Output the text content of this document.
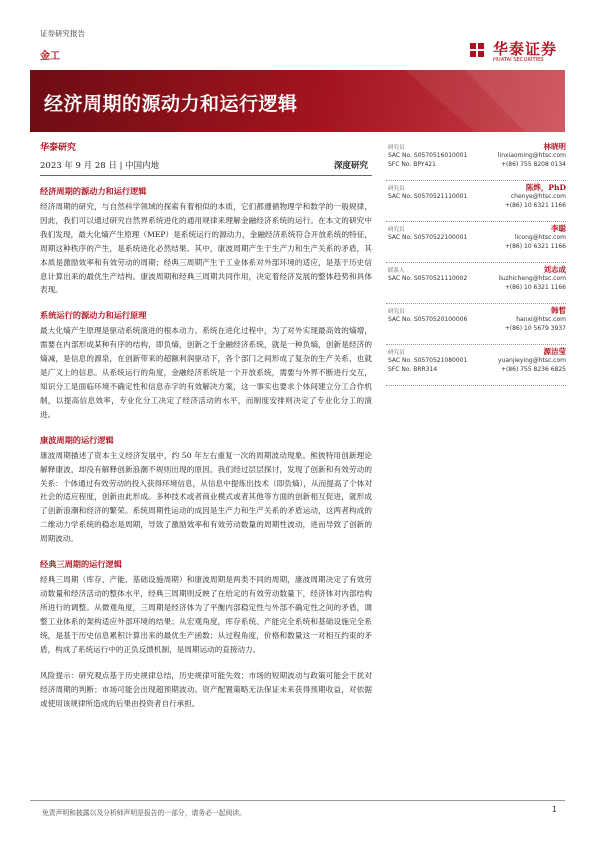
证券研究报告
金工	华泰证券
HUATAI SECURITIES
经济周期的源动力和运行逻辑
华泰研究
2023 年 9 月 28 日 | 中国内地	深度研究
经济周期的源动力和运行逻辑

经济周期的研究，与自然科学领域的探索有着相似的本质，它们都遵循物理学和数学的一般规律，因此，我们可以通过研究自然界系统进化的通用规律来理解金融经济系统的运行。在本文的研究中我们发现，最大化熵产生原理（MEP）是系统运行的源动力，金融经济系统符合开放系统的特征，周期这种秩序的产生，是系统进化必然结果。其中，康波周期产生于生产力和生产关系的矛盾，其本质是激励效率和有效劳动的周期；经典三周期产生于工业体系对外部环境的适应，是基于历史信息计算出来的最优生产结构。康波周期和经典三周期共同作用，决定着经济发展的整体趋势和具体表现。

系统运行的源动力和运行原理

最大化熵产生原理是驱动系统演进的根本动力。系统在进化过程中，为了对外实现最高效的熵增，需要在内部形成某种有序的结构，即负熵，创新之于金融经济系统，就是一种负熵，创新是经济的熵减，是信息的源泉，在创新带来的超额利润驱动下，各个部门之间形成了复杂的生产关系，也就是广义上的信息。从系统运行的角度，金融经济系统是一个开放系统，需要与外界不断进行交互，知识分工是面临环境不确定性和信息赤字的有效解决方案，这一事实也要求个体间建立分工合作机制，以提高信息效率，专业化分工决定了经济活动的水平，而制度安排则决定了专业化分工的演进。

康波周期的运行逻辑

康波周期描述了资本主义经济发展中，约 50 年左右重复一次的周期波动现象。熊彼特用创新理论解释康波，却没有解释创新浪潮不规则出现的原因。我们经过层层探讨，发现了创新和有效劳动的关系：个体通过有效劳动的投入获得环境信息，从信息中提炼出技术（即负熵），从而提高了个体对社会的适应程度，创新由此形成。多种技术或者商业模式或者其他等方面的创新相互促进，就形成了创新浪潮和经济的繁荣。系统周期性运动的成因是生产力和生产关系的矛盾运动，这两者构成的二维动力学系统的稳态是周期，导致了激励效率和有效劳动数量的周期性波动，进而导致了创新的周期波动。

经典三周期的运行逻辑

经典三周期（库存、产能、基础设施周期）和康波周期是两类不同的周期，康波周期决定了有效劳动数量和经济活动的整体水平，经典三周期则反映了在给定的有效劳动数量下，经济体对内部结构所进行的调整。从微观角度，三周期是经济体为了平衡内部稳定性与外部不确定性之间的矛盾，调整工业体系的架构适应外部环境的结果；从宏观角度，库存系统、产能完全系统和基础设施完全系统，是基于历史信息累积计算出来的最优生产函数；从过程角度，价格和数量这一对相互约束的矛盾，构成了系统运行中的正负反馈机制，是周期运动的直接动力。

风险提示：研究观点基于历史规律总结，历史规律可能失效；市场的短期波动与政策可能会干扰对经济周期的判断；市场可能会出现超预期波动。资产配置策略无法保证未来获得预期收益，对依据或使用该规律所造成的后果由投资者自行承担。

研究员	林晓明
SAC No. S0570516010001	linxiaoming@htsc.com
SFC No. BPY421	+(86) 755 8208 0134
研究员	陈烨，PhD
SAC No. S0570521110001	chenye@htsc.com
+(86) 10 6321 1166
研究员	李聪
SAC No. S0570522100001	licong@htsc.com
+(86) 10 6321 1166
联系人	刘志成
SAC No. S0570521110002	liuzhicheng@htsc.com
+(86) 10 6321 1166
研究员	韩晳
SAC No. S0570520100006	hanxi@htsc.com
+(86) 10 5679 3937
研究员	源洁莹
SAC No. S0570521080001	yuanjieying@htsc.com
SFC No. BRR314	+(86) 755 8236 6825
免责声明和披露以及分析师声明是报告的一部分，请务必一起阅读。	1
